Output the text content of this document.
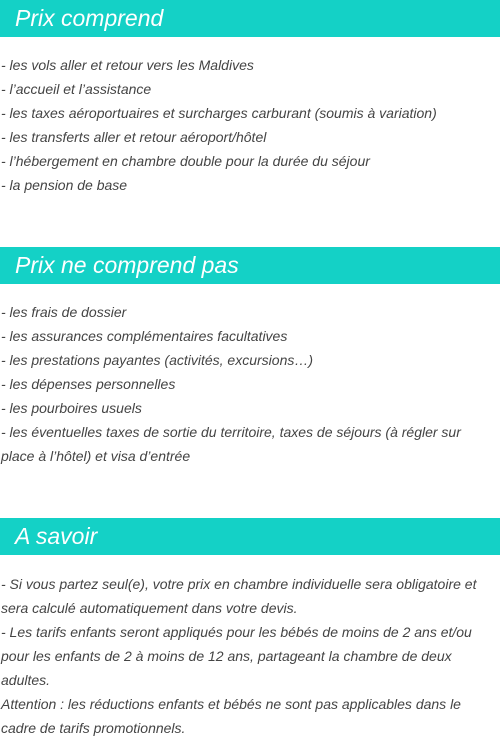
Prix comprend
- les vols aller et retour vers les Maldives
- l’accueil et l’assistance
- les taxes aéroportuaires et surcharges carburant (soumis à variation)
- les transferts aller et retour aéroport/hôtel
- l’hébergement en chambre double pour la durée du séjour
- la pension de base
Prix ne comprend pas
- les frais de dossier
- les assurances complémentaires facultatives
- les prestations payantes (activités, excursions…)
- les dépenses personnelles
- les pourboires usuels
- les éventuelles taxes de sortie du territoire, taxes de séjours (à régler sur place à l’hôtel) et visa d’entrée
A savoir
- Si vous partez seul(e), votre prix en chambre individuelle sera obligatoire et sera calculé automatiquement dans votre devis.
- Les tarifs enfants seront appliqués pour les bébés de moins de 2 ans et/ou pour les enfants de 2 à moins de 12 ans, partageant la chambre de deux adultes.
Attention : les réductions enfants et bébés ne sont pas applicables dans le cadre de tarifs promotionnels.
